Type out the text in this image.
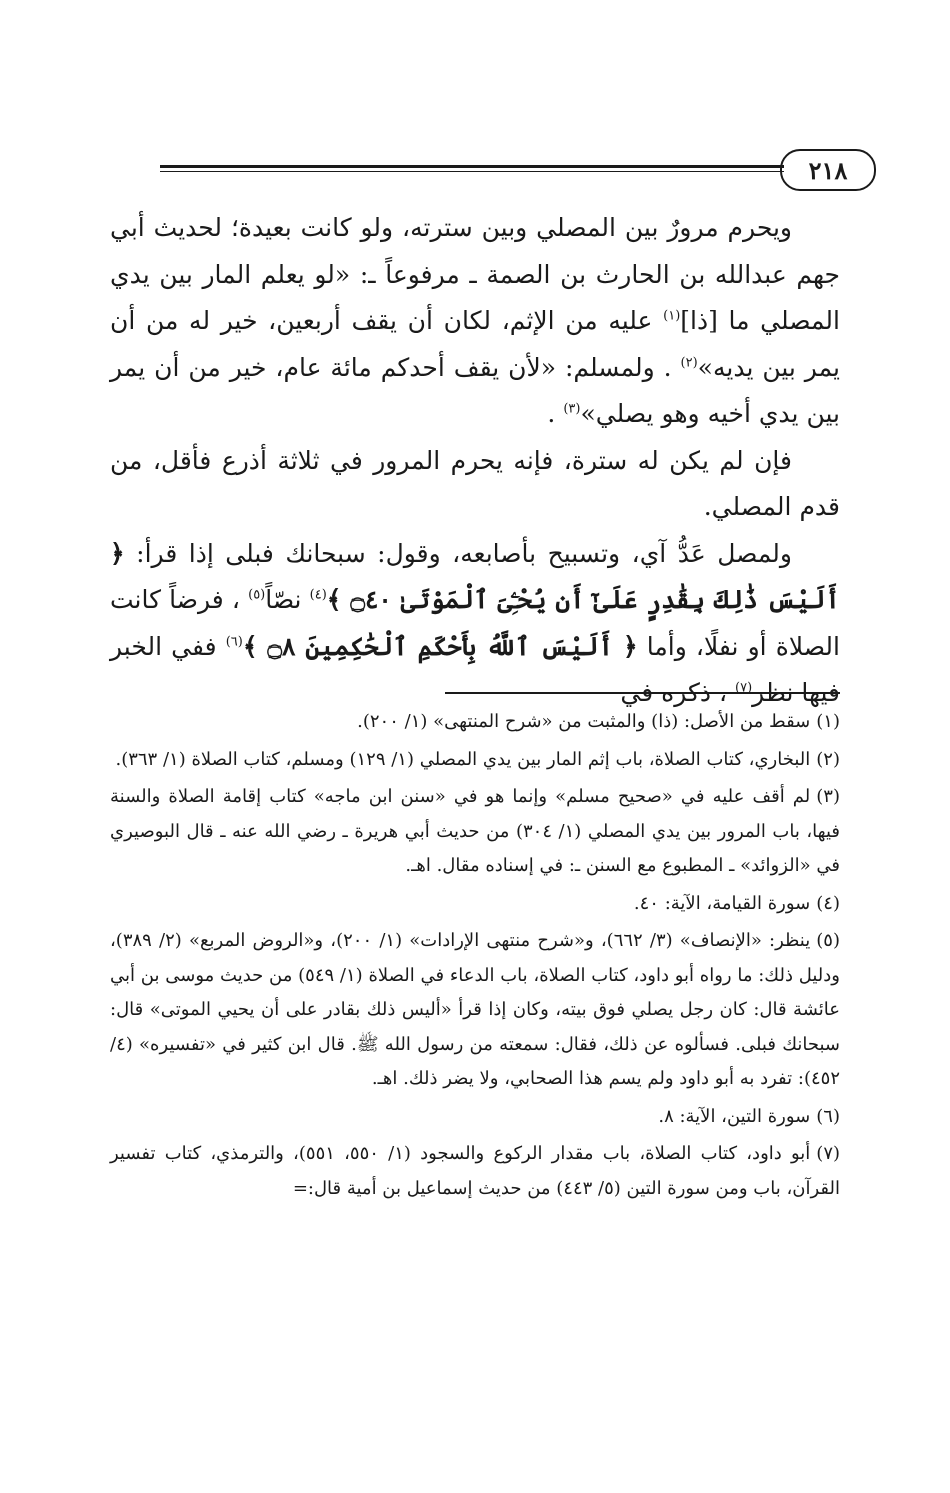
٢١٨

ويحرم مرورٌ بين المصلي وبين سترته، ولو كانت بعيدة؛ لحديث أبي جهم عبدالله بن الحارث بن الصمة ـ مرفوعاً ـ: «لو يعلم المار بين يدي المصلي ما [ذا]$^{(١)}$ عليه من الإثم، لكان أن يقف أربعين، خير له من أن يمر بين يديه»$^{(٢)}$ . ولمسلم: «لأن يقف أحدكم مائة عام، خير من أن يمر بين يدي أخيه وهو يصلي»$^{(٣)}$ .

فإن لم يكن له سترة، فإنه يحرم المرور في ثلاثة أذرع فأقل، من قدم المصلي.

ولمصل عَدُّ آي، وتسبيح بأصابعه، وقول: سبحانك فبلى إذا قرأ: ﴿ أَلَيْسَ ذَٰلِكَ بِقَٰدِرٍ عَلَىٰٓ أَن يُحْـِۧىَ ٱلْمَوْتَىٰ ۝٤٠ ﴾$^{(٤)}$ نصّاً$^{(٥)}$ ، فرضاً كانت الصلاة أو نفلًا، وأما ﴿ أَلَيْسَ ٱللَّهُ بِأَحْكَمِ ٱلْحَٰكِمِينَ ۝٨ ﴾$^{(٦)}$ ففي الخبر فيها نظر$^{(٧)}$ ، ذكره في

(١)سقط من الأصل: (ذا) والمثبت من «شرح المنتهى» (١/ ٢٠٠).

(٢)البخاري، كتاب الصلاة، باب إثم المار بين يدي المصلي (١/ ١٢٩) ومسلم، كتاب الصلاة (١/ ٣٦٣).

(٣)لم أقف عليه في «صحيح مسلم» وإنما هو في «سنن ابن ماجه» كتاب إقامة الصلاة والسنة فيها، باب المرور بين يدي المصلي (١/ ٣٠٤) من حديث أبي هريرة ـ رضي الله عنه ـ قال البوصيري في «الزوائد» ـ المطبوع مع السنن ـ: في إسناده مقال. اهـ.

(٤)سورة القيامة، الآية: ٤٠.

(٥)ينظر: «الإنصاف» (٣/ ٦٦٢)، و«شرح منتهى الإرادات» (١/ ٢٠٠)، و«الروض المربع» (٢/ ٣٨٩)، ودليل ذلك: ما رواه أبو داود، كتاب الصلاة، باب الدعاء في الصلاة (١/ ٥٤٩) من حديث موسى بن أبي عائشة قال: كان رجل يصلي فوق بيته، وكان إذا قرأ «أليس ذلك بقادر على أن يحيي الموتى» قال: سبحانك فبلى. فسألوه عن ذلك، فقال: سمعته من رسول الله ﷺ. قال ابن كثير في «تفسيره» (٤/ ٤٥٢): تفرد به أبو داود ولم يسم هذا الصحابي، ولا يضر ذلك. اهـ.

(٦)سورة التين، الآية: ٨.

(٧)أبو داود، كتاب الصلاة، باب مقدار الركوع والسجود (١/ ٥٥٠، ٥٥١)، والترمذي، كتاب تفسير القرآن، باب ومن سورة التين (٥/ ٤٤٣) من حديث إسماعيل بن أمية قال:=
